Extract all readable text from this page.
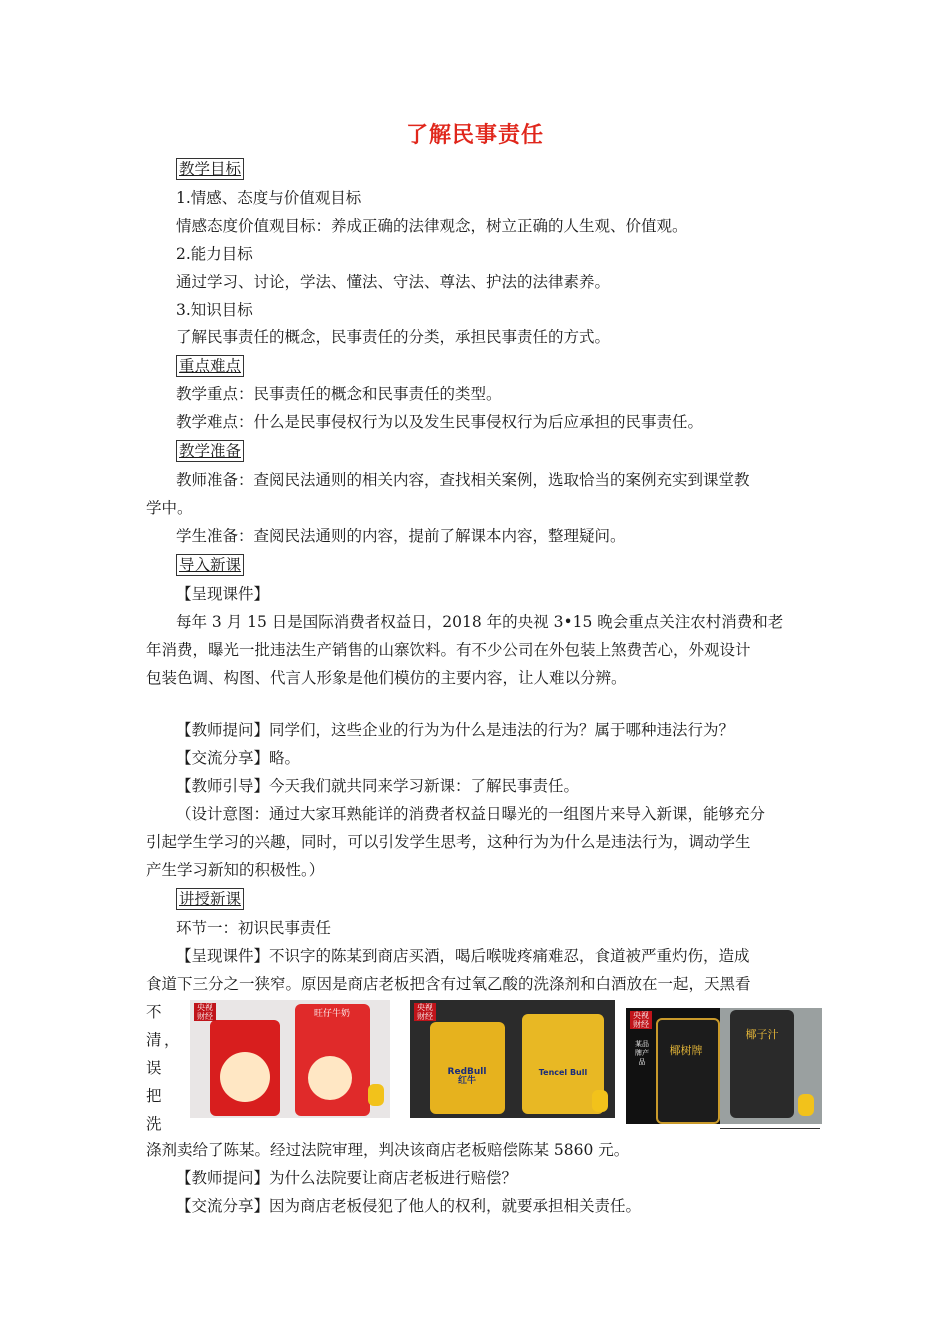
了解民事责任
教学目标
1.情感、态度与价值观目标
情感态度价值观目标：养成正确的法律观念，树立正确的人生观、价值观。
2.能力目标
通过学习、讨论，学法、懂法、守法、尊法、护法的法律素养。
3.知识目标
了解民事责任的概念，民事责任的分类，承担民事责任的方式。
重点难点
教学重点：民事责任的概念和民事责任的类型。
教学难点：什么是民事侵权行为以及发生民事侵权行为后应承担的民事责任。
教学准备
教师准备：查阅民法通则的相关内容，查找相关案例，选取恰当的案例充实到课堂教
学中。
学生准备：查阅民法通则的内容，提前了解课本内容，整理疑问。
导入新课
【呈现课件】
每年 3 月 15 日是国际消费者权益日，2018 年的央视 3•15 晚会重点关注农村消费和老
年消费，曝光一批违法生产销售的山寨饮料。有不少公司在外包装上煞费苦心，外观设计
包装色调、构图、代言人形象是他们模仿的主要内容，让人难以分辨。
【教师提问】同学们，这些企业的行为为什么是违法的行为？属于哪种违法行为？
【交流分享】略。
【教师引导】今天我们就共同来学习新课：了解民事责任。
（设计意图：通过大家耳熟能详的消费者权益日曝光的一组图片来导入新课，能够充分
引起学生学习的兴趣，同时，可以引发学生思考，这种行为为什么是违法行为，调动学生
产生学习新知的积极性。）
讲授新课
环节一：初识民事责任
【呈现课件】不识字的陈某到商店买酒，喝后喉咙疼痛难忍，食道被严重灼伤，造成
食道下三分之一狭窄。原因是商店老板把含有过氧乙酸的洗涤剂和白酒放在一起，天黑看
不
清 ，
误
把
洗
旺仔牛奶
央视
财经
RedBull
红牛
Tencel Bull
央视
财经	央视
财经
某品牌产品
椰树牌
椰子汁
涤剂卖给了陈某。经过法院审理，判决该商店老板赔偿陈某 5860 元。
【教师提问】为什么法院要让商店老板进行赔偿？
【交流分享】因为商店老板侵犯了他人的权利，就要承担相关责任。
